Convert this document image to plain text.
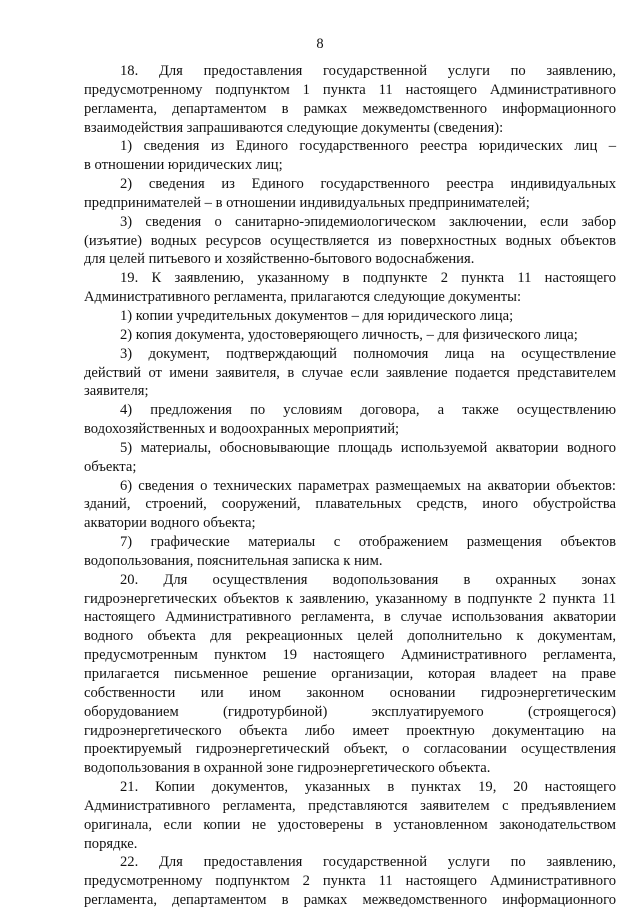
8
18. Для предоставления государственной услуги по заявлению,
предусмотренному подпунктом 1 пункта 11 настоящего Административного
регламента, департаментом в рамках межведомственного информационного
взаимодействия запрашиваются следующие документы (сведения):
1) сведения из Единого государственного реестра юридических лиц –
в отношении юридических лиц;
2) сведения из Единого государственного реестра индивидуальных
предпринимателей – в отношении индивидуальных предпринимателей;
3) сведения о санитарно-эпидемиологическом заключении, если забор
(изъятие) водных ресурсов осуществляется из поверхностных водных объектов
для целей питьевого и хозяйственно-бытового водоснабжения.
19. К заявлению, указанному в подпункте 2 пункта 11 настоящего
Административного регламента, прилагаются следующие документы:
1) копии учредительных документов – для юридического лица;
2) копия документа, удостоверяющего личность, – для физического лица;
3) документ, подтверждающий полномочия лица на осуществление
действий от имени заявителя, в случае если заявление подается представителем
заявителя;
4) предложения по условиям договора, а также осуществлению
водохозяйственных и водоохранных мероприятий;
5) материалы, обосновывающие площадь используемой акватории водного
объекта;
6) сведения о технических параметрах размещаемых на акватории объектов:
зданий, строений, сооружений, плавательных средств, иного обустройства
акватории водного объекта;
7) графические материалы с отображением размещения объектов
водопользования, пояснительная записка к ним.
20. Для осуществления водопользования в охранных зонах
гидроэнергетических объектов к заявлению, указанному в подпункте 2 пункта 11
настоящего Административного регламента, в случае использования акватории
водного объекта для рекреационных целей дополнительно к документам,
предусмотренным пунктом 19 настоящего Административного регламента,
прилагается письменное решение организации, которая владеет на праве
собственности или ином законном основании гидроэнергетическим
оборудованием (гидротурбиной) эксплуатируемого (строящегося)
гидроэнергетического объекта либо имеет проектную документацию на
проектируемый гидроэнергетический объект, о согласовании осуществления
водопользования в охранной зоне гидроэнергетического объекта.
21. Копии документов, указанных в пунктах 19, 20 настоящего
Административного регламента, представляются заявителем с предъявлением
оригинала, если копии не удостоверены в установленном законодательством
порядке.
22. Для предоставления государственной услуги по заявлению,
предусмотренному подпунктом 2 пункта 11 настоящего Административного
регламента, департаментом в рамках межведомственного информационного
